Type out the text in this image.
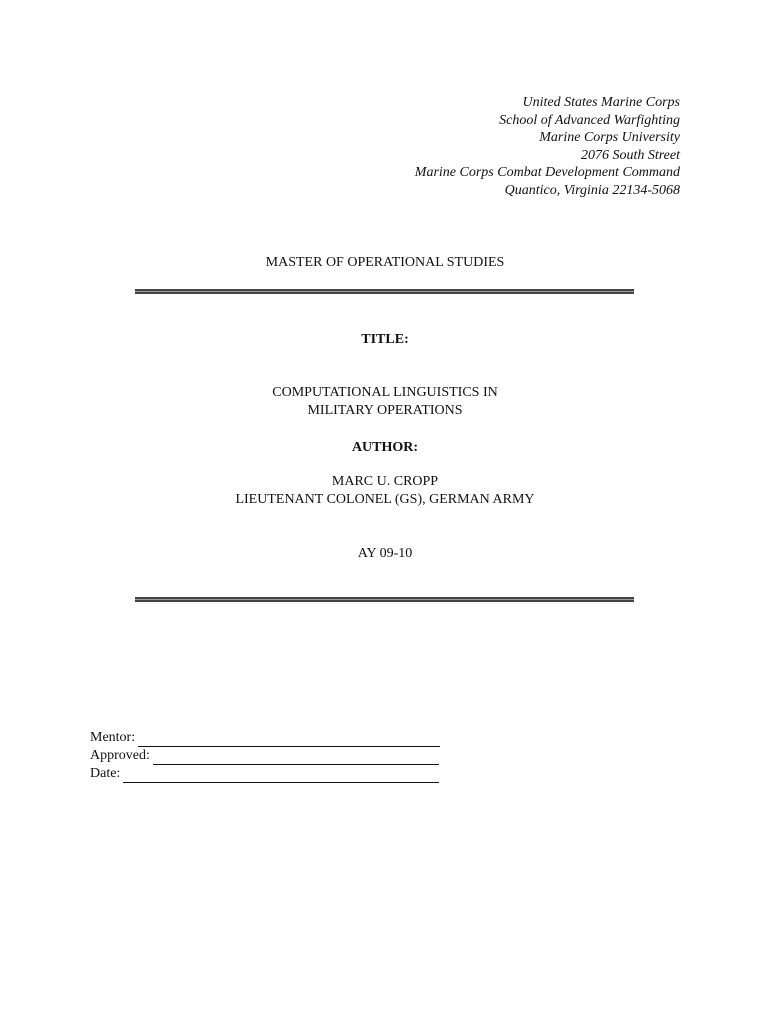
United States Marine Corps
School of Advanced Warfighting
Marine Corps University
2076 South Street
Marine Corps Combat Development Command
Quantico, Virginia 22134-5068
MASTER OF OPERATIONAL STUDIES
TITLE:
COMPUTATIONAL LINGUISTICS IN
MILITARY OPERATIONS
AUTHOR:
MARC U. CROPP
LIEUTENANT COLONEL (GS), GERMAN ARMY
AY 09-10
Mentor:
Approved:
Date:
